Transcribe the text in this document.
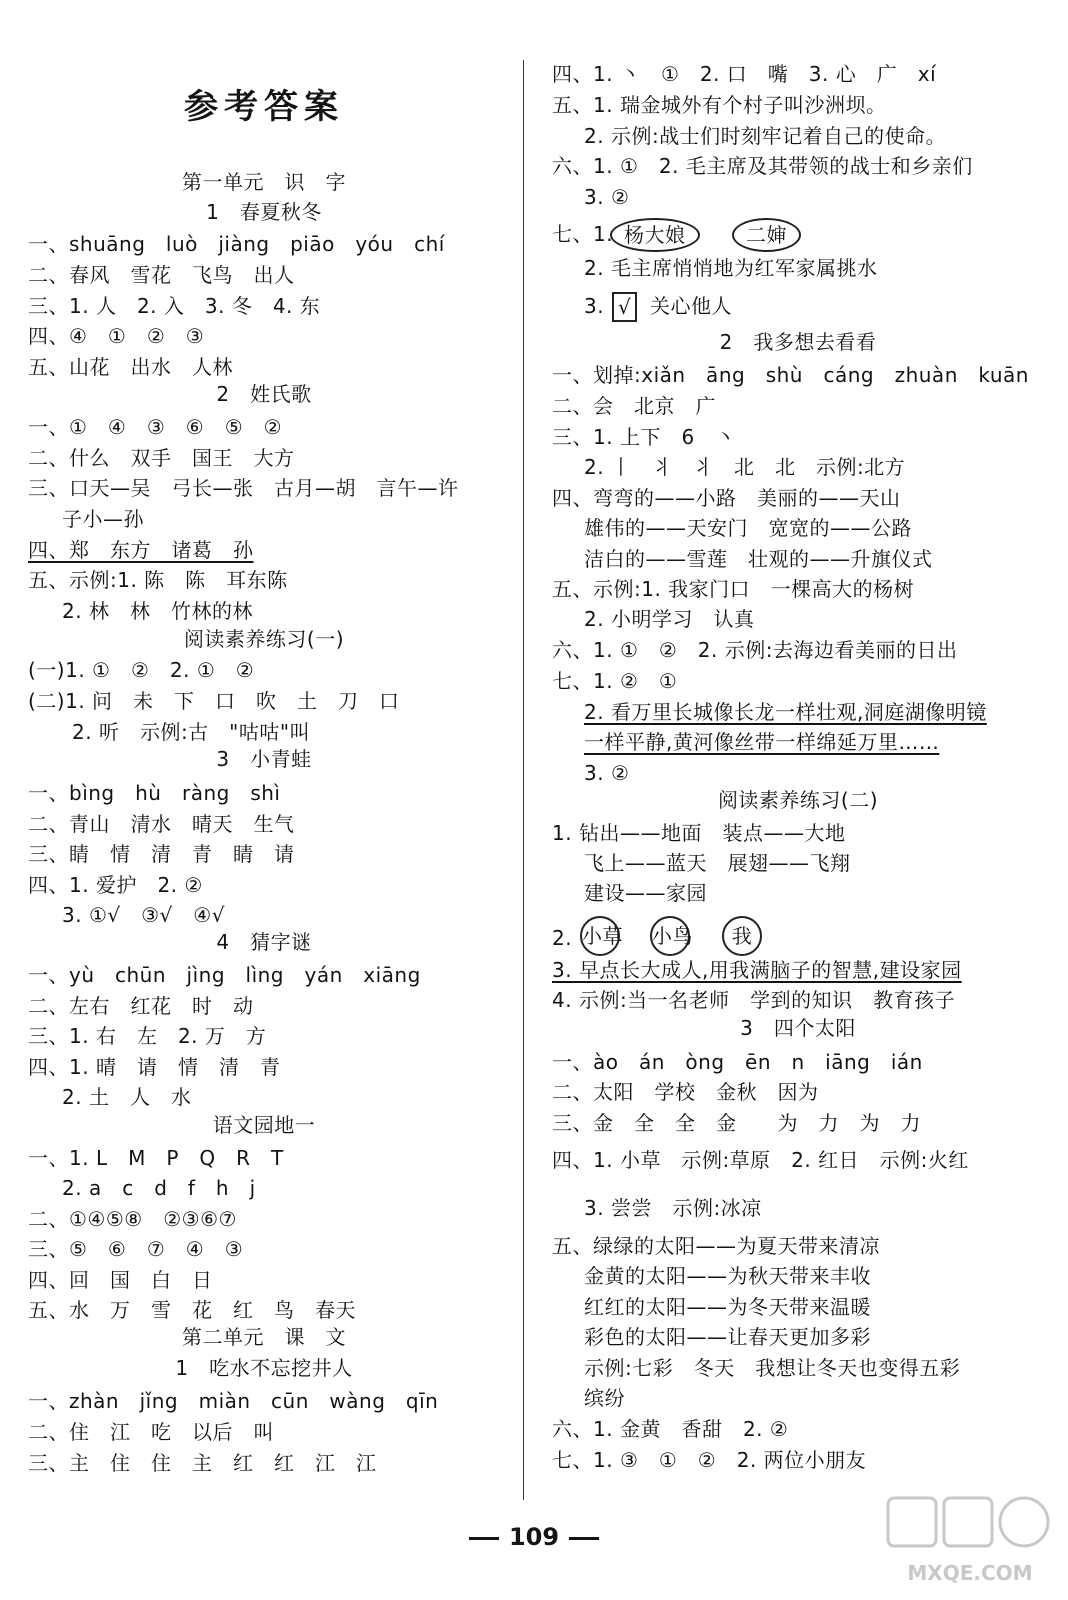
参考答案
第一单元　识　字
1　春夏秋冬
一、shuāng　luò　jiàng　piāo　yóu　chí
二、春风　雪花　飞鸟　出人
三、1. 人　2. 入　3. 冬　4. 东
四、④　①　②　③
五、山花　出水　人林
2　姓氏歌
一、①　④　③　⑥　⑤　②
二、什么　双手　国王　大方
三、口天—吴　弓长—张　古月—胡　言午—许
子小—孙
四、郑　东方　诸葛　孙
五、示例:1. 陈　陈　耳东陈
2. 林　林　竹林的林
阅读素养练习(一)
(一)1. ①　②　2. ①　②
(二)1. 问　未　下　口　吹　土　刀　口
2. 听　示例:古　"咕咕"叫
3　小青蛙
一、bìng　hù　ràng　shì
二、青山　清水　晴天　生气
三、睛　情　清　青　睛　请
四、1. 爱护　2. ②
3. ①√　③√　④√
4　猜字谜
一、yù　chūn　jìng　lìng　yán　xiāng
二、左右　红花　时　动
三、1. 右　左　2. 万　方
四、1. 晴　请　情　清　青
2. 土　人　水
语文园地一
一、1. L　M　P　Q　R　T
2. a　c　d　f　h　j
二、①④⑤⑧　②③⑥⑦
三、⑤　⑥　⑦　④　③
四、回　国　白　日
五、水　万　雪　花　红　鸟　春天
第二单元　课　文
1　吃水不忘挖井人
一、zhàn　jǐng　miàn　cūn　wàng　qīn
二、住　江　吃　以后　叫
三、主　住　住　主　红　红　江　江
四、1. 丶　①　2. 口　嘴　3. 心　广　xí
五、1. 瑞金城外有个村子叫沙洲坝。
2. 示例:战士们时刻牢记着自己的使命。
六、1. ①　2. 毛主席及其带领的战士和乡亲们
3. ②
七、1. 杨大娘	二婶
2. 毛主席悄悄地为红军家属挑水
3. √ 关心他人
2　我多想去看看
一、划掉:xiǎn　āng　shù　cáng　zhuàn　kuān
二、会　北京　广
三、1. 上下　6　丶
2. 丨　丬　丬　北　北　示例:北方
四、弯弯的——小路　美丽的——天山
雄伟的——天安门　宽宽的——公路
洁白的——雪莲　壮观的——升旗仪式
五、示例:1. 我家门口　一棵高大的杨树
2. 小明学习　认真
六、1. ①　②　2. 示例:去海边看美丽的日出
七、1. ②　①
2. 看万里长城像长龙一样壮观,洞庭湖像明镜
一样平静,黄河像丝带一样绵延万里……
3. ②
阅读素养练习(二)
1. 钻出——地面　装点——大地
飞上——蓝天　展翅——飞翔
建设——家园
2. 小草 小鸟	我
3. 早点长大成人,用我满脑子的智慧,建设家园
4. 示例:当一名老师　学到的知识　教育孩子
3　四个太阳
一、ào　án　òng　ēn　n　iāng　ián
二、太阳　学校　金秋　因为
三、金　全　全　金　　为　力　为　力
四、1. 小草　示例:草原　2. 红日　示例:火红
3. 尝尝　示例:冰凉
五、绿绿的太阳——为夏天带来清凉
金黄的太阳——为秋天带来丰收
红红的太阳——为冬天带来温暖
彩色的太阳——让春天更加多彩
示例:七彩　冬天　我想让冬天也变得五彩
缤纷
六、1. 金黄　香甜　2. ②
七、1. ③　①　②　2. 两位小朋友
109
MXQE.COM
